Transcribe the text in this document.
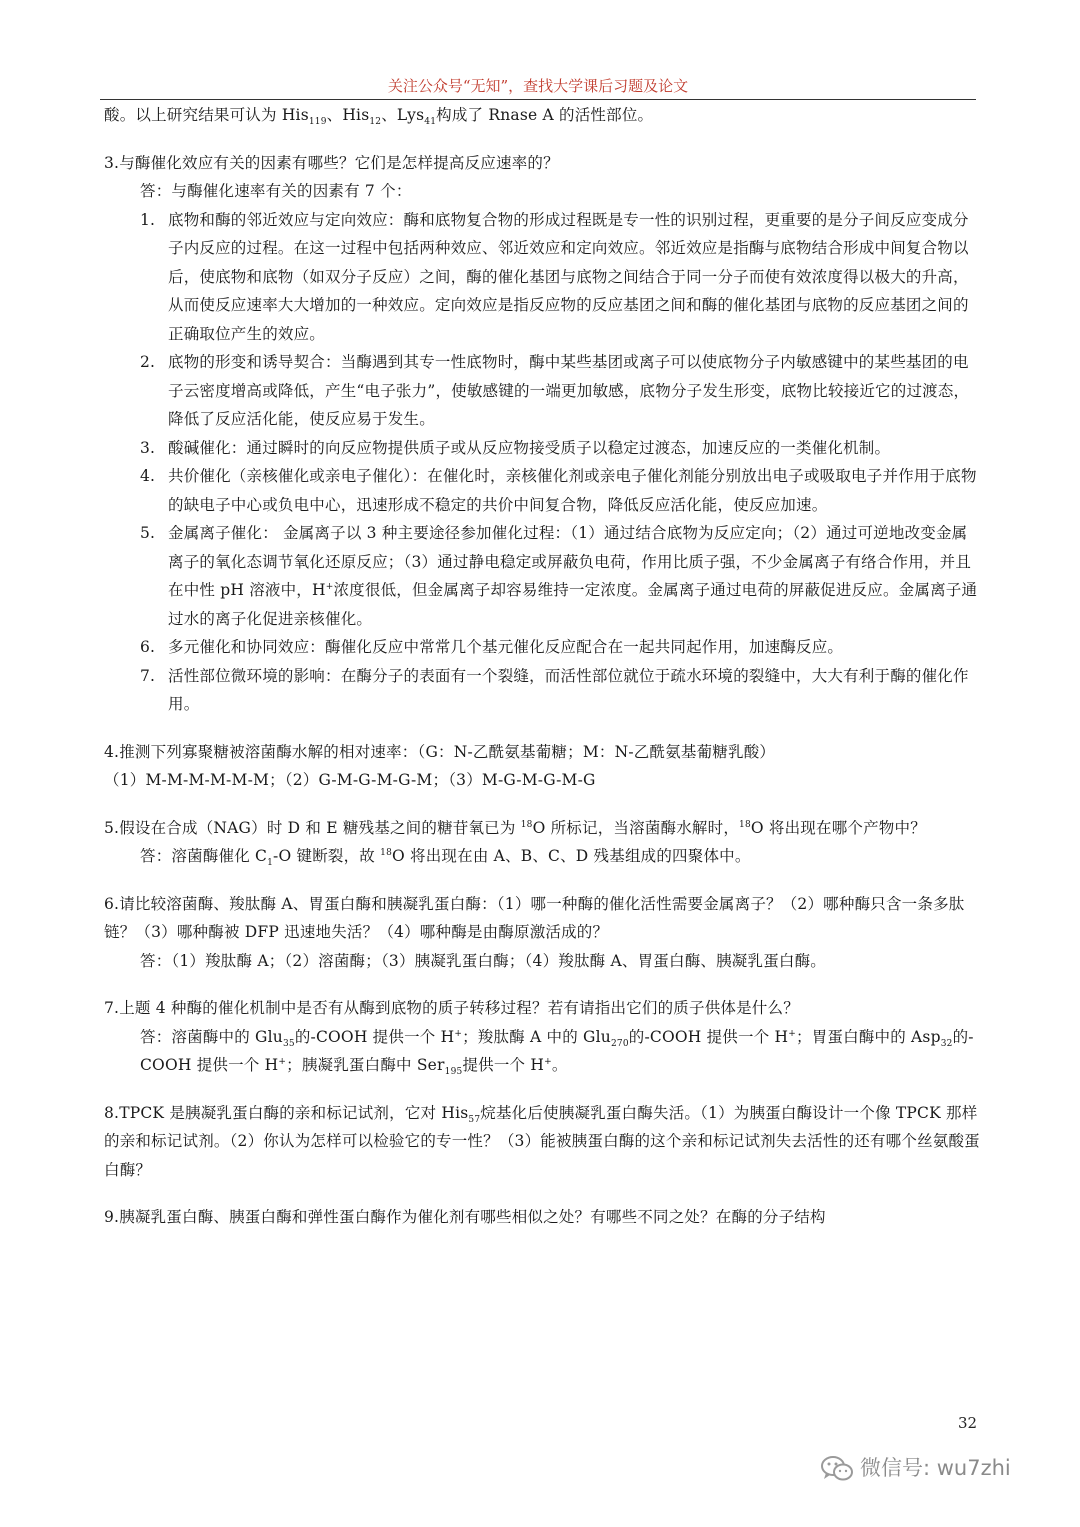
关注公众号“无知”，查找大学课后习题及论文

酸。以上研究结果可认为 His$_{119}$、His$_{12}$、Lys$_{41}$构成了 Rnase A 的活性部位。

3.与酶催化效应有关的因素有哪些？它们是怎样提高反应速率的？

答：与酶催化速率有关的因素有 7 个：

1. 底物和酶的邻近效应与定向效应：酶和底物复合物的形成过程既是专一性的识别过程，更重要的是分子间反应变成分子内反应的过程。在这一过程中包括两种效应、邻近效应和定向效应。邻近效应是指酶与底物结合形成中间复合物以后，使底物和底物（如双分子反应）之间，酶的催化基团与底物之间结合于同一分子而使有效浓度得以极大的升高，从而使反应速率大大增加的一种效应。定向效应是指反应物的反应基团之间和酶的催化基团与底物的反应基团之间的正确取位产生的效应。
2. 底物的形变和诱导契合：当酶遇到其专一性底物时，酶中某些基团或离子可以使底物分子内敏感键中的某些基团的电子云密度增高或降低，产生“电子张力”，使敏感键的一端更加敏感，底物分子发生形变，底物比较接近它的过渡态，降低了反应活化能，使反应易于发生。
3. 酸碱催化：通过瞬时的向反应物提供质子或从反应物接受质子以稳定过渡态，加速反应的一类催化机制。
4. 共价催化（亲核催化或亲电子催化）：在催化时，亲核催化剂或亲电子催化剂能分别放出电子或吸取电子并作用于底物的缺电子中心或负电中心，迅速形成不稳定的共价中间复合物，降低反应活化能，使反应加速。
5. 金属离子催化： 金属离子以 3 种主要途径参加催化过程：（1）通过结合底物为反应定向；（2）通过可逆地改变金属离子的氧化态调节氧化还原反应；（3）通过静电稳定或屏蔽负电荷，作用比质子强，不少金属离子有络合作用，并且在中性 pH 溶液中，H+浓度很低，但金属离子却容易维持一定浓度。金属离子通过电荷的屏蔽促进反应。金属离子通过水的离子化促进亲核催化。
6. 多元催化和协同效应：酶催化反应中常常几个基元催化反应配合在一起共同起作用，加速酶反应。
7. 活性部位微环境的影响：在酶分子的表面有一个裂缝，而活性部位就位于疏水环境的裂缝中，大大有利于酶的催化作用。

4.推测下列寡聚糖被溶菌酶水解的相对速率：（G：N-乙酰氨基葡糖；M：N-乙酰氨基葡糖乳酸）

（1）M-M-M-M-M-M；（2）G-M-G-M-G-M；（3）M-G-M-G-M-G

5.假设在合成（NAG）时 D 和 E 糖残基之间的糖苷氧已为 $^{18}$O 所标记，当溶菌酶水解时，$^{18}$O 将出现在哪个产物中？

答：溶菌酶催化 $C_1-O$ 键断裂，故 $^{18}$O 将出现在由 A、B、C、D 残基组成的四聚体中。

6.请比较溶菌酶、羧肽酶 A、胃蛋白酶和胰凝乳蛋白酶：（1）哪一种酶的催化活性需要金属离子？（2）哪种酶只含一条多肽链？（3）哪种酶被 DFP 迅速地失活？（4）哪种酶是由酶原激活成的？

答：（1）羧肽酶 A；（2）溶菌酶；（3）胰凝乳蛋白酶；（4）羧肽酶 A、胃蛋白酶、胰凝乳蛋白酶。

7.上题 4 种酶的催化机制中是否有从酶到底物的质子转移过程？若有请指出它们的质子供体是什么？

答：溶菌酶中的 Glu$_{35}$的-COOH 提供一个 H+；羧肽酶 A 中的 Glu$_{270}$的-COOH 提供一个 H+；胃蛋白酶中的 Asp$_{32}$的-COOH 提供一个 H+；胰凝乳蛋白酶中 Ser$_{195}$提供一个 H+。

8.TPCK 是胰凝乳蛋白酶的亲和标记试剂，它对 His$_{57}$烷基化后使胰凝乳蛋白酶失活。（1）为胰蛋白酶设计一个像 TPCK 那样的亲和标记试剂。（2）你认为怎样可以检验它的专一性？（3）能被胰蛋白酶的这个亲和标记试剂失去活性的还有哪个丝氨酸蛋白酶？

9.胰凝乳蛋白酶、胰蛋白酶和弹性蛋白酶作为催化剂有哪些相似之处？有哪些不同之处？在酶的分子结构

32
微信号: wu7zhi
